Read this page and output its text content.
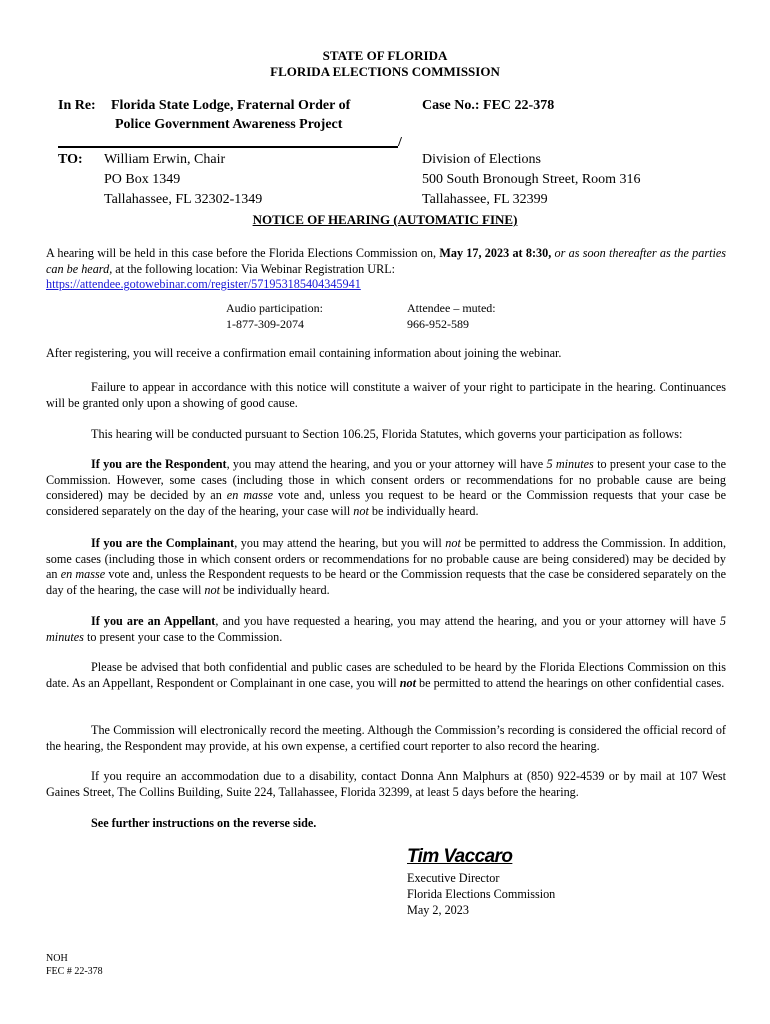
STATE OF FLORIDA
FLORIDA ELECTIONS COMMISSION
In Re: Florida State Lodge, Fraternal Order of
Police Government Awareness Project
Case No.: FEC 22-378
/
TO: William Erwin, Chair
PO Box 1349
Tallahassee, FL 32302-1349
Division of Elections
500 South Bronough Street, Room 316
Tallahassee, FL 32399
NOTICE OF HEARING (AUTOMATIC FINE)
A hearing will be held in this case before the Florida Elections Commission on, May 17, 2023 at 8:30, or as soon thereafter as the parties can be heard, at the following location: Via Webinar Registration URL:
https://attendee.gotowebinar.com/register/5719531854043459​41
Audio participation:
1-877-309-2074
Attendee – muted:
966-952-589
After registering, you will receive a confirmation email containing information about joining the webinar.
Failure to appear in accordance with this notice will constitute a waiver of your right to participate in the hearing. Continuances will be granted only upon a showing of good cause.
This hearing will be conducted pursuant to Section 106.25, Florida Statutes, which governs your participation as follows:
If you are the Respondent, you may attend the hearing, and you or your attorney will have 5 minutes to present your case to the Commission. However, some cases (including those in which consent orders or recommendations for no probable cause are being considered) may be decided by an en masse vote and, unless you request to be heard or the Commission requests that your case be considered separately on the day of the hearing, your case will not be individually heard.
If you are the Complainant, you may attend the hearing, but you will not be permitted to address the Commission. In addition, some cases (including those in which consent orders or recommendations for no probable cause are being considered) may be decided by an en masse vote and, unless the Respondent requests to be heard or the Commission requests that the case be considered separately on the day of the hearing, the case will not be individually heard.
If you are an Appellant, and you have requested a hearing, you may attend the hearing, and you or your attorney will have 5 minutes to present your case to the Commission.
Please be advised that both confidential and public cases are scheduled to be heard by the Florida Elections Commission on this date. As an Appellant, Respondent or Complainant in one case, you will not be permitted to attend the hearings on other confidential cases.
The Commission will electronically record the meeting. Although the Commission’s recording is considered the official record of the hearing, the Respondent may provide, at his own expense, a certified court reporter to also record the hearing.
If you require an accommodation due to a disability, contact Donna Ann Malphurs at (850) 922-4539 or by mail at 107 West Gaines Street, The Collins Building, Suite 224, Tallahassee, Florida 32399, at least 5 days before the hearing.
See further instructions on the reverse side.
Tim Vaccaro
Executive Director
Florida Elections Commission
May 2, 2023
NOH
FEC # 22-378
